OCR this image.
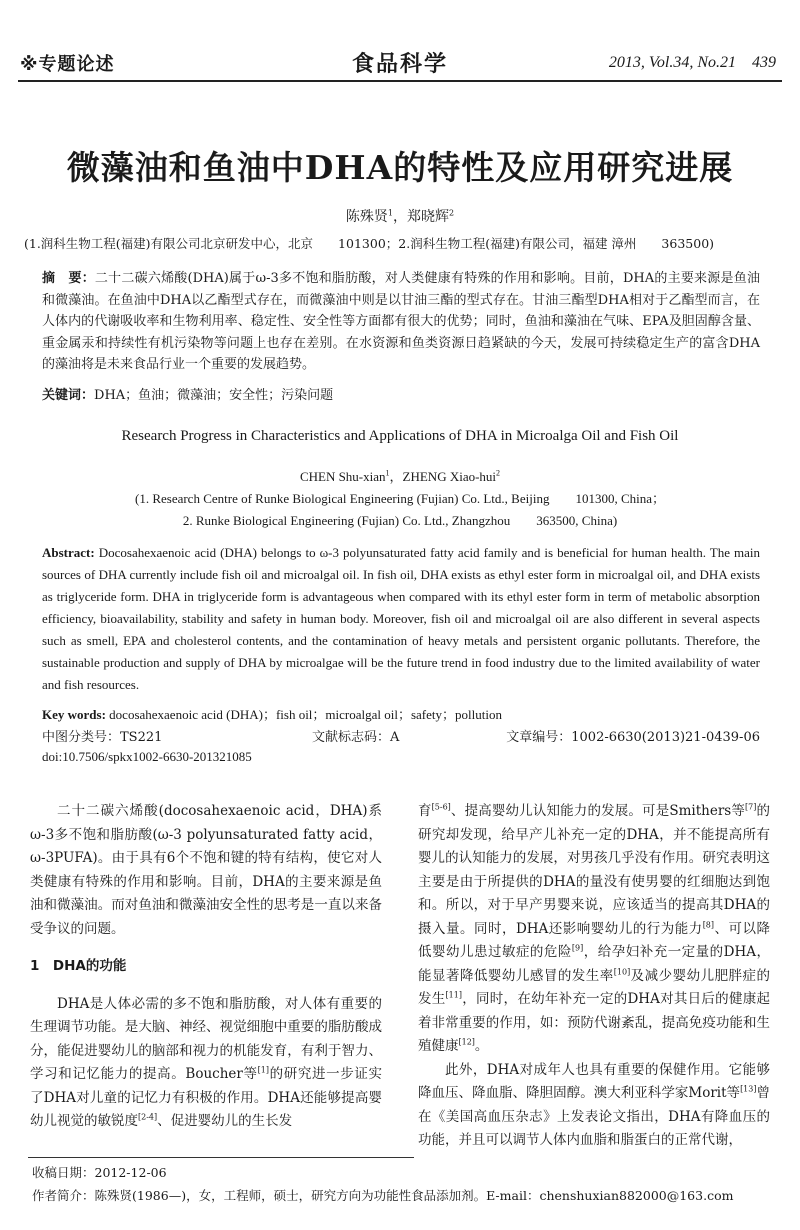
※专题论述	食品科学	2013, Vol.34, No.21 439
微藻油和鱼油中DHA的特性及应用研究进展
陈殊贤$^1$，郑晓辉$^2$
(1.润科生物工程(福建)有限公司北京研发中心，北京　　101300；2.润科生物工程(福建)有限公司，福建 漳州　　363500)
摘　要：二十二碳六烯酸(DHA)属于ω-3多不饱和脂肪酸，对人类健康有特殊的作用和影响。目前，DHA的主要来源是鱼油和微藻油。在鱼油中DHA以乙酯型式存在，而微藻油中则是以甘油三酯的型式存在。甘油三酯型DHA相对于乙酯型而言，在人体内的代谢吸收率和生物利用率、稳定性、安全性等方面都有很大的优势；同时，鱼油和藻油在气味、EPA及胆固醇含量、重金属汞和持续性有机污染物等问题上也存在差别。在水资源和鱼类资源日趋紧缺的今天，发展可持续稳定生产的富含DHA的藻油将是未来食品行业一个重要的发展趋势。
关键词：DHA；鱼油；微藻油；安全性；污染问题
Research Progress in Characteristics and Applications of DHA in Microalga Oil and Fish Oil
CHEN Shu-xian$^1$，ZHENG Xiao-hui$^2$
(1. Research Centre of Runke Biological Engineering (Fujian) Co. Ltd., Beijing　　101300, China；
2. Runke Biological Engineering (Fujian) Co. Ltd., Zhangzhou　　363500, China)
Abstract: Docosahexaenoic acid (DHA) belongs to ω-3 polyunsaturated fatty acid family and is beneficial for human health. The main sources of DHA currently include fish oil and microalgal oil. In fish oil, DHA exists as ethyl ester form in microalgal oil, and DHA exists as triglyceride form. DHA in triglyceride form is advantageous when compared with its ethyl ester form in term of metabolic absorption efficiency, bioavailability, stability and safety in human body. Moreover, fish oil and microalgal oil are also different in several aspects such as smell, EPA and cholesterol contents, and the contamination of heavy metals and persistent organic pollutants. Therefore, the sustainable production and supply of DHA by microalgae will be the future trend in food industry due to the limited availability of water and fish resources.
Key words: docosahexaenoic acid (DHA)；fish oil；microalgal oil；safety；pollution
中图分类号：TS221	文献标志码：A	文章编号：1002-6630(2013)21-0439-06
doi:10.7506/spkx1002-6630-201321085

二十二碳六烯酸(docosahexaenoic acid，DHA)系ω-3多不饱和脂肪酸(ω-3 polyunsaturated fatty acid，ω-3PUFA)。由于具有6个不饱和键的特有结构，使它对人类健康有特殊的作用和影响。目前，DHA的主要来源是鱼油和微藻油。而对鱼油和微藻油安全性的思考是一直以来备受争议的问题。

1　DHA的功能

DHA是人体必需的多不饱和脂肪酸，对人体有重要的生理调节功能。是大脑、神经、视觉细胞中重要的脂肪酸成分，能促进婴幼儿的脑部和视力的机能发育，有利于智力、学习和记忆能力的提高。Boucher等[1]的研究进一步证实了DHA对儿童的记忆力有积极的作用。DHA还能够提高婴幼儿视觉的敏锐度[2-4]、促进婴幼儿的生长发

育[5-6]、提高婴幼儿认知能力的发展。可是Smithers等[7]的研究却发现，给早产儿补充一定的DHA，并不能提高所有婴儿的认知能力的发展，对男孩几乎没有作用。研究表明这主要是由于所提供的DHA的量没有使男婴的红细胞达到饱和。所以，对于早产男婴来说，应该适当的提高其DHA的摄入量。同时，DHA还影响婴幼儿的行为能力[8]、可以降低婴幼儿患过敏症的危险[9]，给孕妇补充一定量的DHA，能显著降低婴幼儿感冒的发生率[10]及减少婴幼儿肥胖症的发生[11]，同时，在幼年补充一定的DHA对其日后的健康起着非常重要的作用，如：预防代谢紊乱，提高免疫功能和生殖健康[12]。

此外，DHA对成年人也具有重要的保健作用。它能够降血压、降血脂、降胆固醇。澳大利亚科学家Morit等[13]曾在《美国高血压杂志》上发表论文指出，DHA有降血压的功能，并且可以调节人体内血脂和脂蛋白的正常代谢，

收稿日期：2012-12-06
作者简介：陈殊贤(1986—)，女，工程师，硕士，研究方向为功能性食品添加剂。E-mail：chenshuxian882000@163.com
